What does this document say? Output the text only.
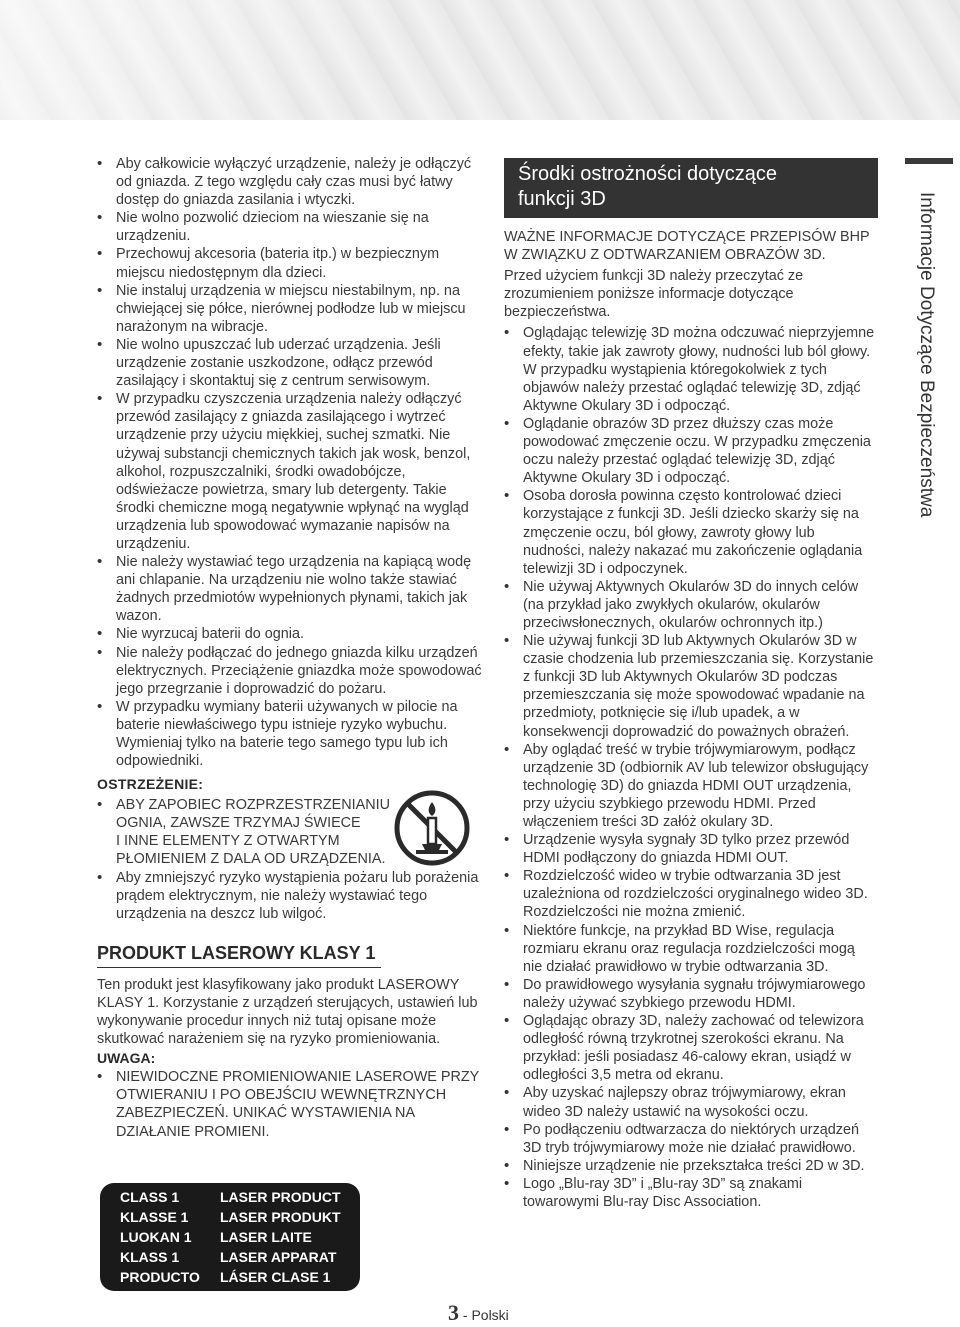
• Aby całkowicie wyłączyć urządzenie, należy je odłączyć od gniazda. Z tego względu cały czas musi być łatwy dostęp do gniazda zasilania i wtyczki.
• Nie wolno pozwolić dzieciom na wieszanie się na urządzeniu.
• Przechowuj akcesoria (bateria itp.) w bezpiecznym miejscu niedostępnym dla dzieci.
• Nie instaluj urządzenia w miejscu niestabilnym, np. na chwiejącej się półce, nierównej podłodze lub w miejscu narażonym na wibracje.
• Nie wolno upuszczać lub uderzać urządzenia. Jeśli urządzenie zostanie uszkodzone, odłącz przewód zasilający i skontaktuj się z centrum serwisowym.
• W przypadku czyszczenia urządzenia należy odłączyć przewód zasilający z gniazda zasilającego i wytrzeć urządzenie przy użyciu miękkiej, suchej szmatki. Nie używaj substancji chemicznych takich jak wosk, benzol, alkohol, rozpuszczalniki, środki owadobójcze, odświeżacze powietrza, smary lub detergenty. Takie środki chemiczne mogą negatywnie wpłynąć na wygląd urządzenia lub spowodować wymazanie napisów na urządzeniu.
• Nie należy wystawiać tego urządzenia na kapiącą wodę ani chlapanie. Na urządzeniu nie wolno także stawiać żadnych przedmiotów wypełnionych płynami, takich jak wazon.
• Nie wyrzucaj baterii do ognia.
• Nie należy podłączać do jednego gniazda kilku urządzeń elektrycznych. Przeciążenie gniazdka może spowodować jego przegrzanie i doprowadzić do pożaru.
• W przypadku wymiany baterii używanych w pilocie na baterie niewłaściwego typu istnieje ryzyko wybuchu. Wymieniaj tylko na baterie tego samego typu lub ich odpowiedniki.
OSTRZEŻENIE:

• ABY ZAPOBIEC ROZPRZESTRZENIANIU

OGNIA, ZAWSZE TRZYMAJ ŚWIECE

I INNE ELEMENTY Z OTWARTYM

PŁOMIENIEM Z DALA OD URZĄDZENIA.

• Aby zmniejszyć ryzyko wystąpienia pożaru lub porażenia prądem elektrycznym, nie należy wystawiać tego urządzenia na deszcz lub wilgoć.
PRODUKT LASEROWY KLASY 1

Ten produkt jest klasyfikowany jako produkt LASEROWY KLASY 1. Korzystanie z urządzeń sterujących, ustawień lub wykonywanie procedur innych niż tutaj opisane może skutkować narażeniem się na ryzyko promieniowania.

UWAGA:
• NIEWIDOCZNE PROMIENIOWANIE LASEROWE PRZY OTWIERANIU I PO OBEJŚCIU WEWNĘTRZNYCH ZABEZPIECZEŃ. UNIKAĆ WYSTAWIENIA NA DZIAŁANIE PROMIENI.
CLASS 1	LASER PRODUCT
KLASSE 1 LASER PRODUKT
LUOKAN 1 LASER LAITE
KLASS 1	LASER APPARAT
PRODUCTO LÁSER CLASE 1
Środki ostrożności dotyczące
funkcji 3D

WAŻNE INFORMACJE DOTYCZĄCE PRZEPISÓW BHP W ZWIĄZKU Z ODTWARZANIEM OBRAZÓW 3D.

Przed użyciem funkcji 3D należy przeczytać ze zrozumieniem poniższe informacje dotyczące bezpieczeństwa.

• Oglądając telewizję 3D można odczuwać nieprzyjemne efekty, takie jak zawroty głowy, nudności lub ból głowy. W przypadku wystąpienia któregokolwiek z tych objawów należy przestać oglądać telewizję 3D, zdjąć Aktywne Okulary 3D i odpocząć.
• Oglądanie obrazów 3D przez dłuższy czas może powodować zmęczenie oczu. W przypadku zmęczenia oczu należy przestać oglądać telewizję 3D, zdjąć Aktywne Okulary 3D i odpocząć.
• Osoba dorosła powinna często kontrolować dzieci korzystające z funkcji 3D. Jeśli dziecko skarży się na zmęczenie oczu, ból głowy, zawroty głowy lub nudności, należy nakazać mu zakończenie oglądania telewizji 3D i odpoczynek.
• Nie używaj Aktywnych Okularów 3D do innych celów (na przykład jako zwykłych okularów, okularów przeciwsłonecznych, okularów ochronnych itp.)
• Nie używaj funkcji 3D lub Aktywnych Okularów 3D w czasie chodzenia lub przemieszczania się. Korzystanie z funkcji 3D lub Aktywnych Okularów 3D podczas przemieszczania się może spowodować wpadanie na przedmioty, potknięcie się i/lub upadek, a w konsekwencji doprowadzić do poważnych obrażeń.
• Aby oglądać treść w trybie trójwymiarowym, podłącz urządzenie 3D (odbiornik AV lub telewizor obsługujący technologię 3D) do gniazda HDMI OUT urządzenia, przy użyciu szybkiego przewodu HDMI. Przed włączeniem treści 3D załóż okulary 3D.
• Urządzenie wysyła sygnały 3D tylko przez przewód HDMI podłączony do gniazda HDMI OUT.
• Rozdzielczość wideo w trybie odtwarzania 3D jest uzależniona od rozdzielczości oryginalnego wideo 3D. Rozdzielczości nie można zmienić.
• Niektóre funkcje, na przykład BD Wise, regulacja rozmiaru ekranu oraz regulacja rozdzielczości mogą nie działać prawidłowo w trybie odtwarzania 3D.
• Do prawidłowego wysyłania sygnału trójwymiarowego należy używać szybkiego przewodu HDMI.
• Oglądając obrazy 3D, należy zachować od telewizora odległość równą trzykrotnej szerokości ekranu. Na przykład: jeśli posiadasz 46-calowy ekran, usiądź w odległości 3,5 metra od ekranu.
• Aby uzyskać najlepszy obraz trójwymiarowy, ekran wideo 3D należy ustawić na wysokości oczu.
• Po podłączeniu odtwarzacza do niektórych urządzeń 3D tryb trójwymiarowy może nie działać prawidłowo.
• Niniejsze urządzenie nie przekształca treści 2D w 3D.
• Logo „Blu-ray 3D” i „Blu-ray 3D” są znakami towarowymi Blu-ray Disc Association.
Informacje Dotyczące Bezpieczeństwa
3 - Polski
